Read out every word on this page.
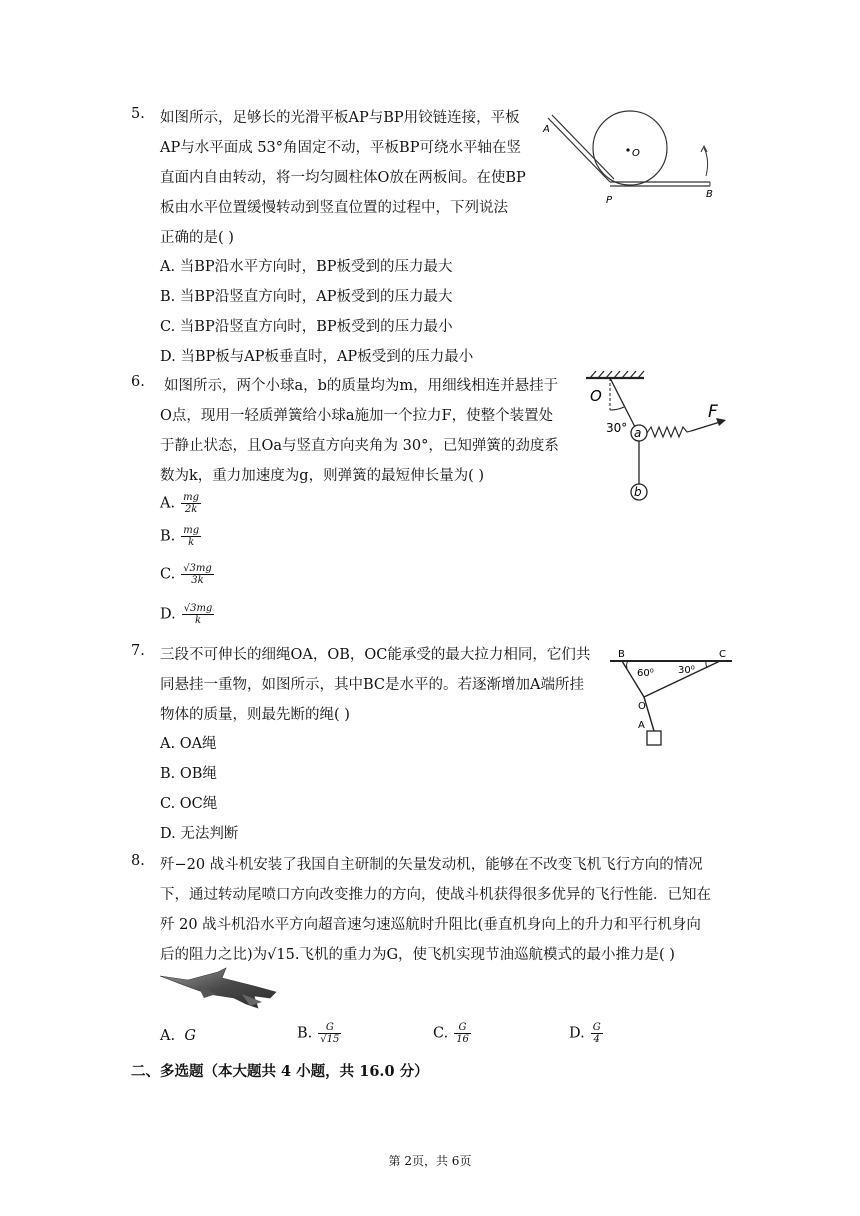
5. 如图所示，足够长的光滑平板AP与BP用铰链连接，平板
AP与水平面成 53°角固定不动，平板BP可绕水平轴在竖
直面内自由转动，将一均匀圆柱体O放在两板间。在使BP
板由水平位置缓慢转动到竖直位置的过程中，下列说法
正确的是( )
A. 当BP沿水平方向时，BP板受到的压力最大
B. 当BP沿竖直方向时，AP板受到的压力最大
C. 当BP沿竖直方向时，BP板受到的压力最小
D. 当BP板与AP板垂直时，AP板受到的压力最小
A
O
P
B
6. 如图所示，两个小球a，b的质量均为m，用细线相连并悬挂于
O点，现用一轻质弹簧给小球a施加一个拉力F，使整个装置处
于静止状态，且Oa与竖直方向夹角为 30°，已知弹簧的劲度系
数为k，重力加速度为g，则弹簧的最短伸长量为( )
A. $\frac{mg}{2k}$
B. $\frac{mg}{k}$
C. $\frac{√3mg}{3k}$
D. $\frac{√3mg}{k}$
O
30° a
b
F
7. 三段不可伸长的细绳OA，OB，OC能承受的最大拉力相同，它们共
同悬挂一重物，如图所示，其中BC是水平的。若逐渐增加A端所挂
物体的质量，则最先断的绳( )
A. OA绳
B. OB绳
C. OC绳
D. 无法判断
B	C
60⁰ 30⁰
O
A
8. 歼−20 战斗机安装了我国自主研制的矢量发动机，能够在不改变飞机飞行方向的情况
下，通过转动尾喷口方向改变推力的方向，使战斗机获得很多优异的飞行性能．已知在
歼 20 战斗机沿水平方向超音速匀速巡航时升阻比(垂直机身向上的升力和平行机身向
后的阻力之比)为√15.飞机的重力为G，使飞机实现节油巡航模式的最小推力是( )
A. G	B. $\frac{G}{√15}$	C. $\frac{G}{16}$	D. $\frac{G}{4}$
二、多选题（本大题共 4 小题，共 16.0 分）
第 2页，共 6页
